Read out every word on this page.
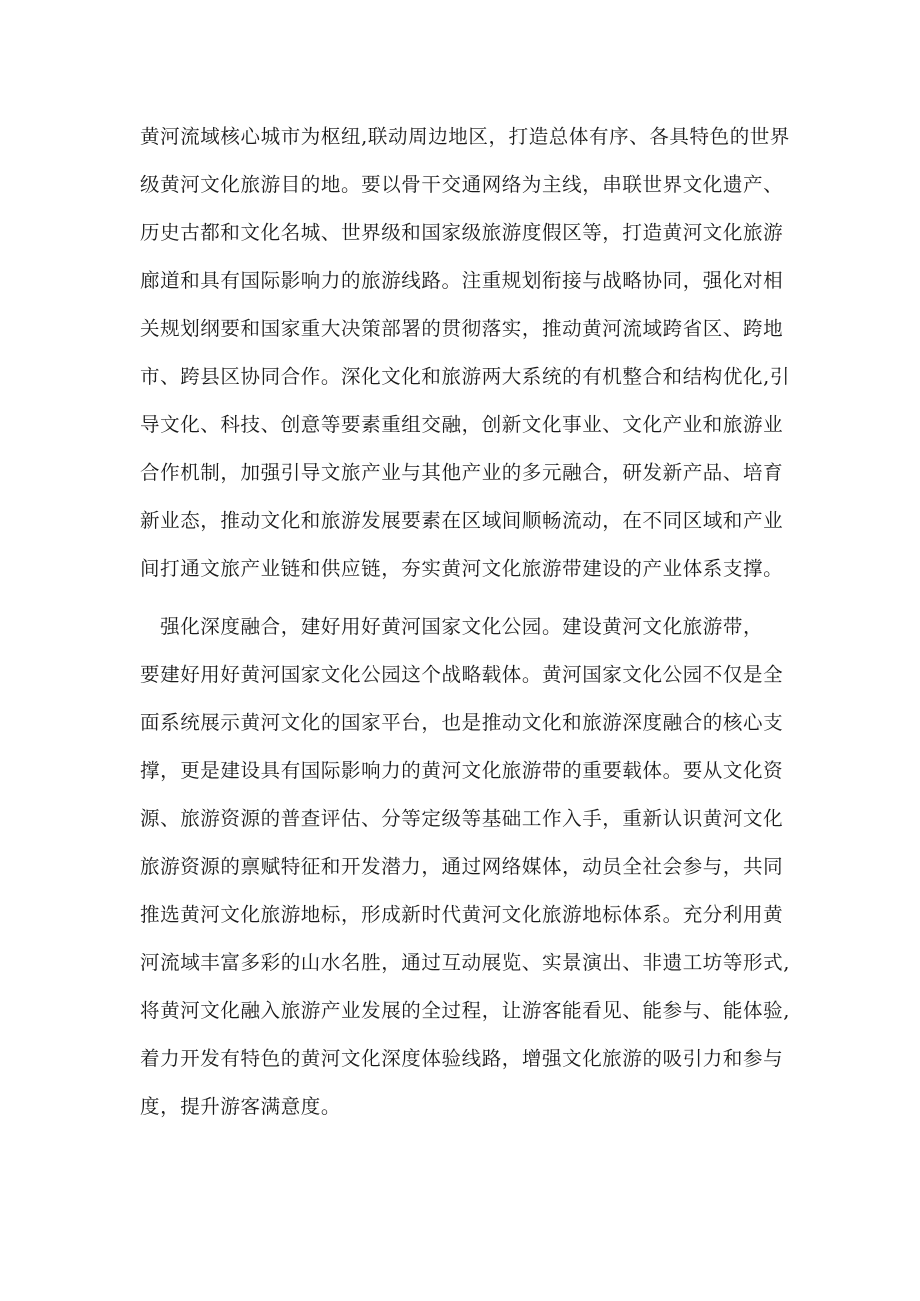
黄河流域核心城市为枢纽,联动周边地区，打造总体有序、各具特色的世界
级黄河文化旅游目的地。要以骨干交通网络为主线，串联世界文化遗产、
历史古都和文化名城、世界级和国家级旅游度假区等，打造黄河文化旅游
廊道和具有国际影响力的旅游线路。注重规划衔接与战略协同，强化对相
关规划纲要和国家重大决策部署的贯彻落实，推动黄河流域跨省区、跨地
市、跨县区协同合作。深化文化和旅游两大系统的有机整合和结构优化,引
导文化、科技、创意等要素重组交融，创新文化事业、文化产业和旅游业
合作机制，加强引导文旅产业与其他产业的多元融合，研发新产品、培育
新业态，推动文化和旅游发展要素在区域间顺畅流动，在不同区域和产业
间打通文旅产业链和供应链，夯实黄河文化旅游带建设的产业体系支撑。

　强化深度融合，建好用好黄河国家文化公园。建设黄河文化旅游带，
要建好用好黄河国家文化公园这个战略载体。黄河国家文化公园不仅是全
面系统展示黄河文化的国家平台，也是推动文化和旅游深度融合的核心支
撑，更是建设具有国际影响力的黄河文化旅游带的重要载体。要从文化资
源、旅游资源的普查评估、分等定级等基础工作入手，重新认识黄河文化
旅游资源的禀赋特征和开发潜力，通过网络媒体，动员全社会参与，共同
推选黄河文化旅游地标，形成新时代黄河文化旅游地标体系。充分利用黄
河流域丰富多彩的山水名胜，通过互动展览、实景演出、非遗工坊等形式,
将黄河文化融入旅游产业发展的全过程，让游客能看见、能参与、能体验,
着力开发有特色的黄河文化深度体验线路，增强文化旅游的吸引力和参与
度，提升游客满意度。
